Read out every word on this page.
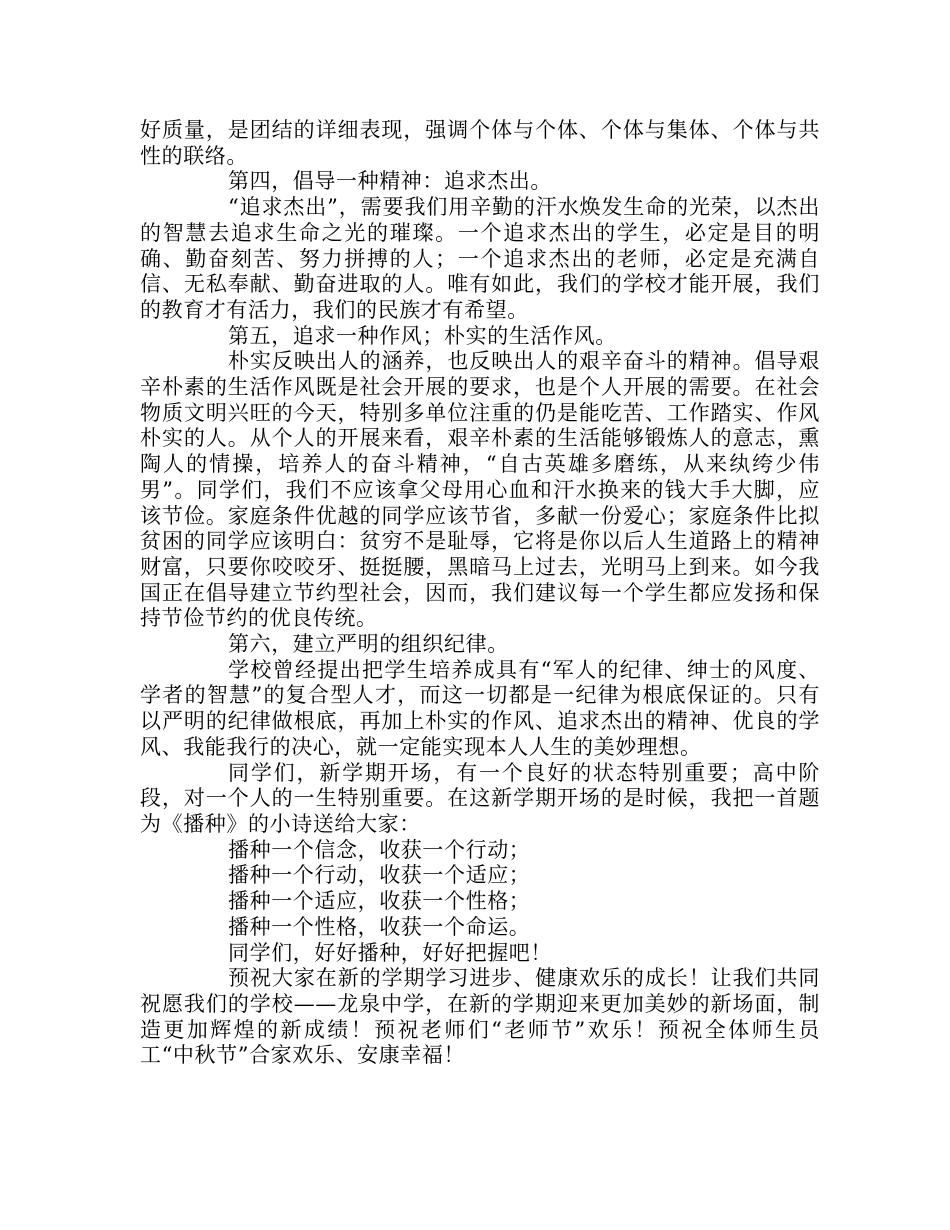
好质量，是团结的详细表现，强调个体与个体、个体与集体、个体与共性的联络。

第四，倡导一种精神：追求杰出。

“追求杰出”，需要我们用辛勤的汗水焕发生命的光荣，以杰出的智慧去追求生命之光的璀璨。一个追求杰出的学生，必定是目的明确、勤奋刻苦、努力拼搏的人；一个追求杰出的老师，必定是充满自信、无私奉献、勤奋进取的人。唯有如此，我们的学校才能开展，我们的教育才有活力，我们的民族才有希望。

第五，追求一种作风；朴实的生活作风。

朴实反映出人的涵养，也反映出人的艰辛奋斗的精神。倡导艰辛朴素的生活作风既是社会开展的要求，也是个人开展的需要。在社会物质文明兴旺的今天，特别多单位注重的仍是能吃苦、工作踏实、作风朴实的人。从个人的开展来看，艰辛朴素的生活能够锻炼人的意志，熏陶人的情操，培养人的奋斗精神，“自古英雄多磨练，从来纨绔少伟男”。同学们，我们不应该拿父母用心血和汗水换来的钱大手大脚，应该节俭。家庭条件优越的同学应该节省，多献一份爱心；家庭条件比拟贫困的同学应该明白：贫穷不是耻辱，它将是你以后人生道路上的精神财富，只要你咬咬牙、挺挺腰，黑暗马上过去，光明马上到来。如今我国正在倡导建立节约型社会，因而，我们建议每一个学生都应发扬和保持节俭节约的优良传统。

第六，建立严明的组织纪律。

学校曾经提出把学生培养成具有“军人的纪律、绅士的风度、学者的智慧”的复合型人才，而这一切都是一纪律为根底保证的。只有以严明的纪律做根底，再加上朴实的作风、追求杰出的精神、优良的学风、我能我行的决心，就一定能实现本人人生的美妙理想。

同学们，新学期开场，有一个良好的状态特别重要；高中阶段，对一个人的一生特别重要。在这新学期开场的是时候，我把一首题为《播种》的小诗送给大家：

播种一个信念，收获一个行动；

播种一个行动，收获一个适应；

播种一个适应，收获一个性格；

播种一个性格，收获一个命运。

同学们，好好播种，好好把握吧！

预祝大家在新的学期学习进步、健康欢乐的成长！让我们共同祝愿我们的学校——龙泉中学，在新的学期迎来更加美妙的新场面，制造更加辉煌的新成绩！预祝老师们“老师节”欢乐！预祝全体师生员工“中秋节”合家欢乐、安康幸福！
